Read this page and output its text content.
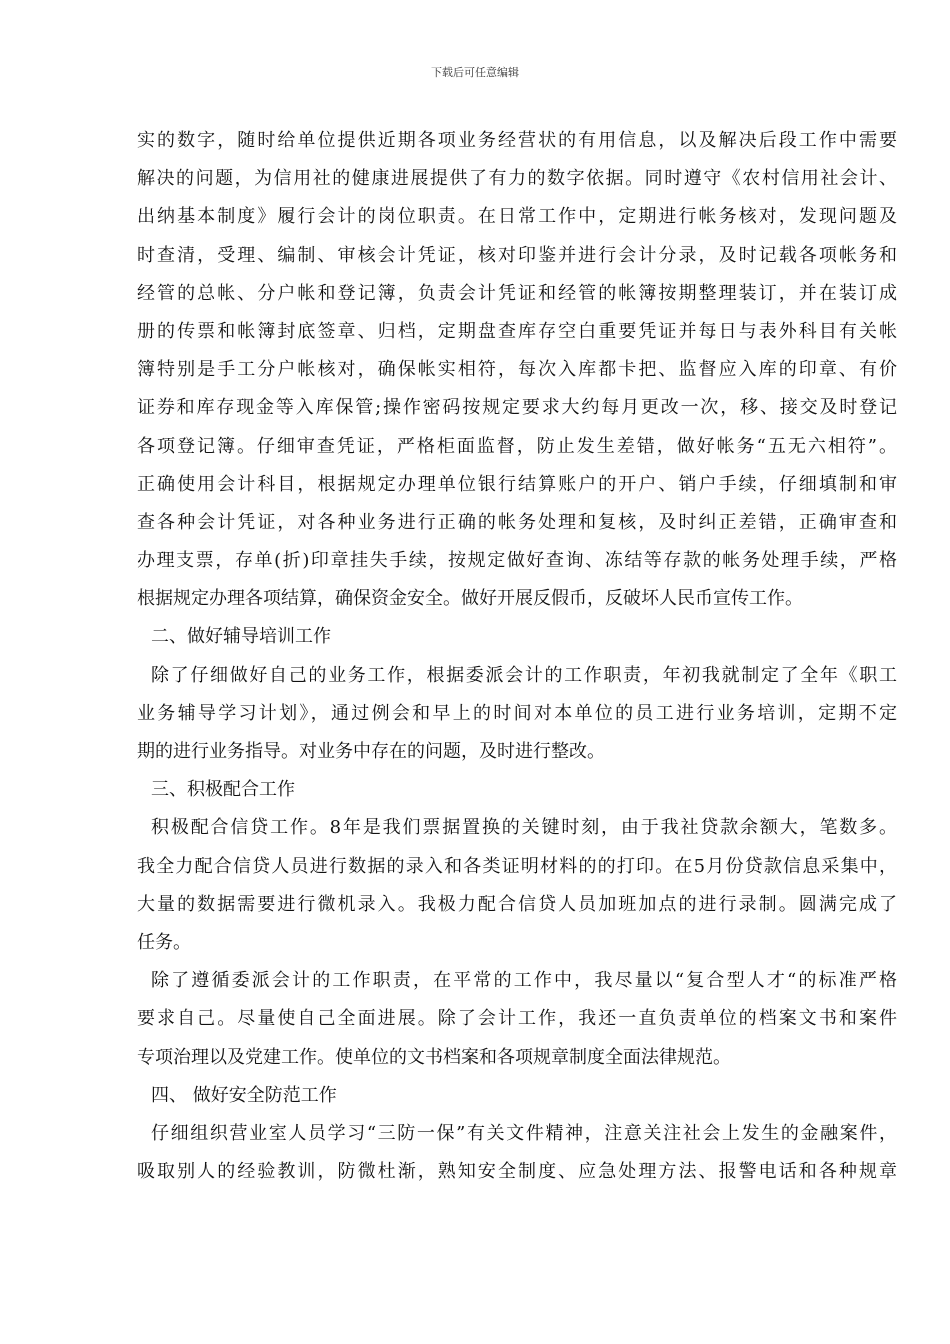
下载后可任意编辑
实的数字，随时给单位提供近期各项业务经营状的有用信息，以及解决后段工作中需要
解决的问题，为信用社的健康进展提供了有力的数字依据。同时遵守《农村信用社会计、
出纳基本制度》履行会计的岗位职责。在日常工作中，定期进行帐务核对，发现问题及
时查清，受理、编制、审核会计凭证，核对印鉴并进行会计分录，及时记载各项帐务和
经管的总帐、分户帐和登记簿，负责会计凭证和经管的帐簿按期整理装订，并在装订成
册的传票和帐簿封底签章、归档，定期盘查库存空白重要凭证并每日与表外科目有关帐
簿特别是手工分户帐核对，确保帐实相符，每次入库都卡把、监督应入库的印章、有价
证券和库存现金等入库保管;操作密码按规定要求大约每月更改一次，移、接交及时登记
各项登记簿。仔细审查凭证，严格柜面监督，防止发生差错，做好帐务“五无六相符”。
正确使用会计科目，根据规定办理单位银行结算账户的开户、销户手续，仔细填制和审
查各种会计凭证，对各种业务进行正确的帐务处理和复核，及时纠正差错，正确审查和
办理支票，存单(折)印章挂失手续，按规定做好查询、冻结等存款的帐务处理手续，严格
根据规定办理各项结算，确保资金安全。做好开展反假币，反破坏人民币宣传工作。
二、做好辅导培训工作
除了仔细做好自己的业务工作，根据委派会计的工作职责，年初我就制定了全年《职工
业务辅导学习计划》，通过例会和早上的时间对本单位的员工进行业务培训，定期不定
期的进行业务指导。对业务中存在的问题，及时进行整改。
三、积极配合工作
积极配合信贷工作。8年是我们票据置换的关键时刻，由于我社贷款余额大，笔数多。
我全力配合信贷人员进行数据的录入和各类证明材料的的打印。在5月份贷款信息采集中，
大量的数据需要进行微机录入。我极力配合信贷人员加班加点的进行录制。圆满完成了
任务。
除了遵循委派会计的工作职责，在平常的工作中，我尽量以“复合型人才“的标准严格
要求自己。尽量使自己全面进展。除了会计工作，我还一直负责单位的档案文书和案件
专项治理以及党建工作。使单位的文书档案和各项规章制度全面法律规范。
四、 做好安全防范工作
仔细组织营业室人员学习“三防一保”有关文件精神，注意关注社会上发生的金融案件，
吸取别人的经验教训，防微杜渐，熟知安全制度、应急处理方法、报警电话和各种规章
